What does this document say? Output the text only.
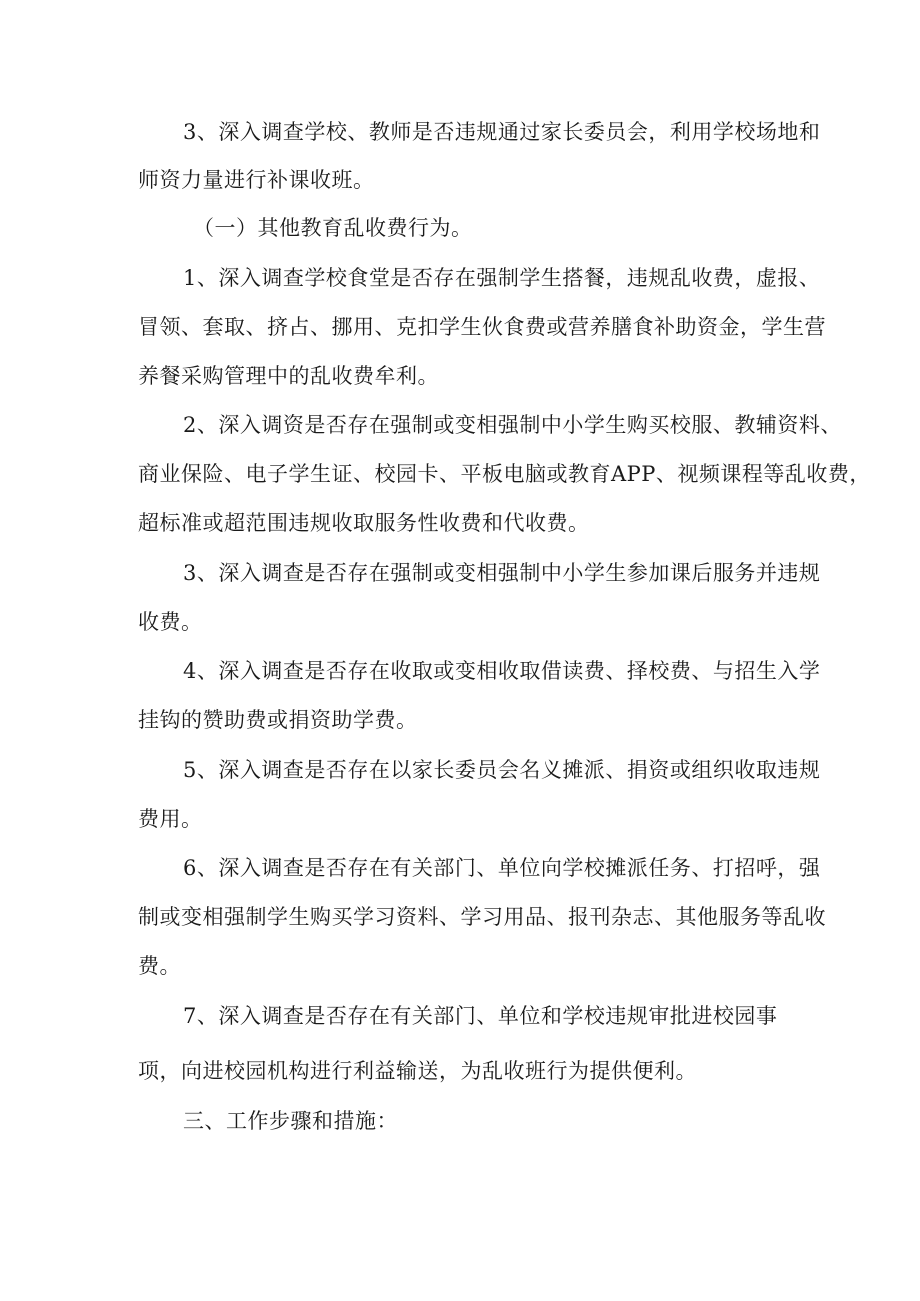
3、深入调查学校、教师是否违规通过家长委员会，利用学校场地和
师资力量进行补课收班。
（一）其他教育乱收费行为。
1、深入调查学校食堂是否存在强制学生搭餐，违规乱收费，虚报、
冒领、套取、挤占、挪用、克扣学生伙食费或营养膳食补助资金，学生营
养餐采购管理中的乱收费牟利。
2、深入调资是否存在强制或变相强制中小学生购买校服、教辅资料、
商业保险、电子学生证、校园卡、平板电脑或教育APP、视频课程等乱收费，
超标准或超范围违规收取服务性收费和代收费。
3、深入调查是否存在强制或变相强制中小学生参加课后服务并违规
收费。
4、深入调查是否存在收取或变相收取借读费、择校费、与招生入学
挂钩的赞助费或捐资助学费。
5、深入调查是否存在以家长委员会名义摊派、捐资或组织收取违规
费用。
6、深入调查是否存在有关部门、单位向学校摊派任务、打招呼，强
制或变相强制学生购买学习资料、学习用品、报刊杂志、其他服务等乱收
费。
7、深入调查是否存在有关部门、单位和学校违规审批进校园事
项，向进校园机构进行利益输送，为乱收班行为提供便利。
三、工作步骤和措施：
